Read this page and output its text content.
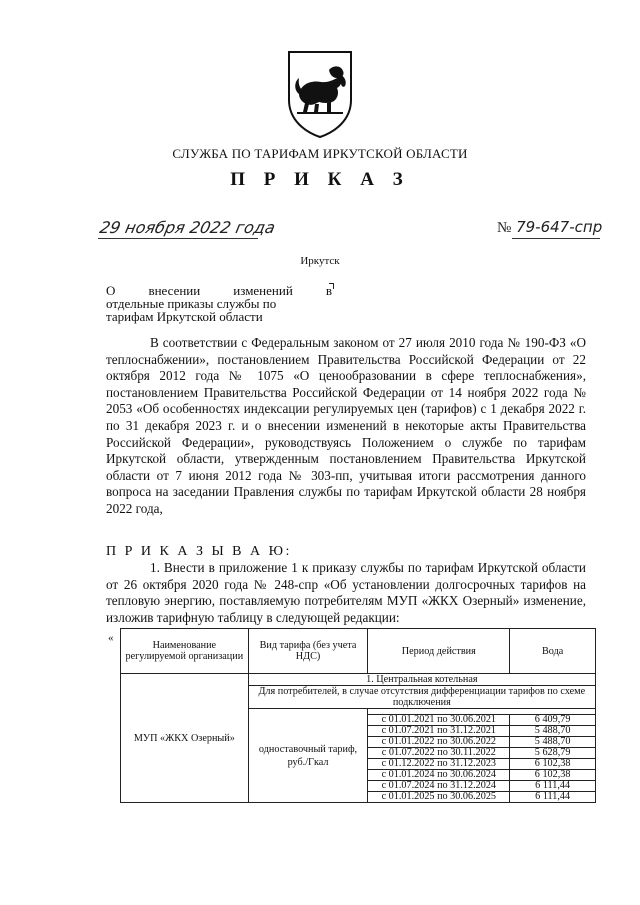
СЛУЖБА ПО ТАРИФАМ ИРКУТСКОЙ ОБЛАСТИ
П Р И К А З
29 ноября 2022 года	№ 79-647-спр
Иркутск
О	внесении	изменений	в
отдельные приказы службы по
тарифам Иркутской области
В соответствии с Федеральным законом от 27 июля 2010 года № 190-ФЗ «О теплоснабжении», постановлением Правительства Российской Федерации от 22 октября 2012 года № 1075 «О ценообразовании в сфере теплоснабжения», постановлением Правительства Российской Федерации от 14 ноября 2022 года № 2053 «Об особенностях индексации регулируемых цен (тарифов) с 1 декабря 2022 г. по 31 декабря 2023 г. и о внесении изменений в некоторые акты Правительства Российской Федерации», руководствуясь Положением о службе по тарифам Иркутской области, утвержденным постановлением Правительства Иркутской области от 7 июня 2012 года № 303-пп, учитывая итоги рассмотрения данного вопроса на заседании Правления службы по тарифам Иркутской области 28 ноября 2022 года,
П Р И К А З Ы В А Ю:
1. Внести в приложение 1 к приказу службы по тарифам Иркутской области от 26 октября 2020 года № 248-спр «Об установлении долгосрочных тарифов на тепловую энергию, поставляемую потребителям МУП «ЖКХ Озерный» изменение, изложив тарифную таблицу в следующей редакции:
«
Наименование регулируемой организации	Вид тарифа (без учета НДС)	Период действия	Вода
МУП «ЖКХ Озерный»	1. Центральная котельная		
	Для потребителей, в случае отсутствия дифференциации тарифов по схеме подключения		
	одноставочный тариф, руб./Гкал		
		с 01.01.2021 по 30.06.2021	6 409,79
		с 01.07.2021 по 31.12.2021	5 488,70
		с 01.01.2022 по 30.06.2022	5 488,70
		с 01.07.2022 по 30.11.2022	5 628,79
		с 01.12.2022 по 31.12.2023	6 102,38
		с 01.01.2024 по 30.06.2024	6 102,38
		с 01.07.2024 по 31.12.2024	6 111,44
		с 01.01.2025 по 30.06.2025	6 111,44
